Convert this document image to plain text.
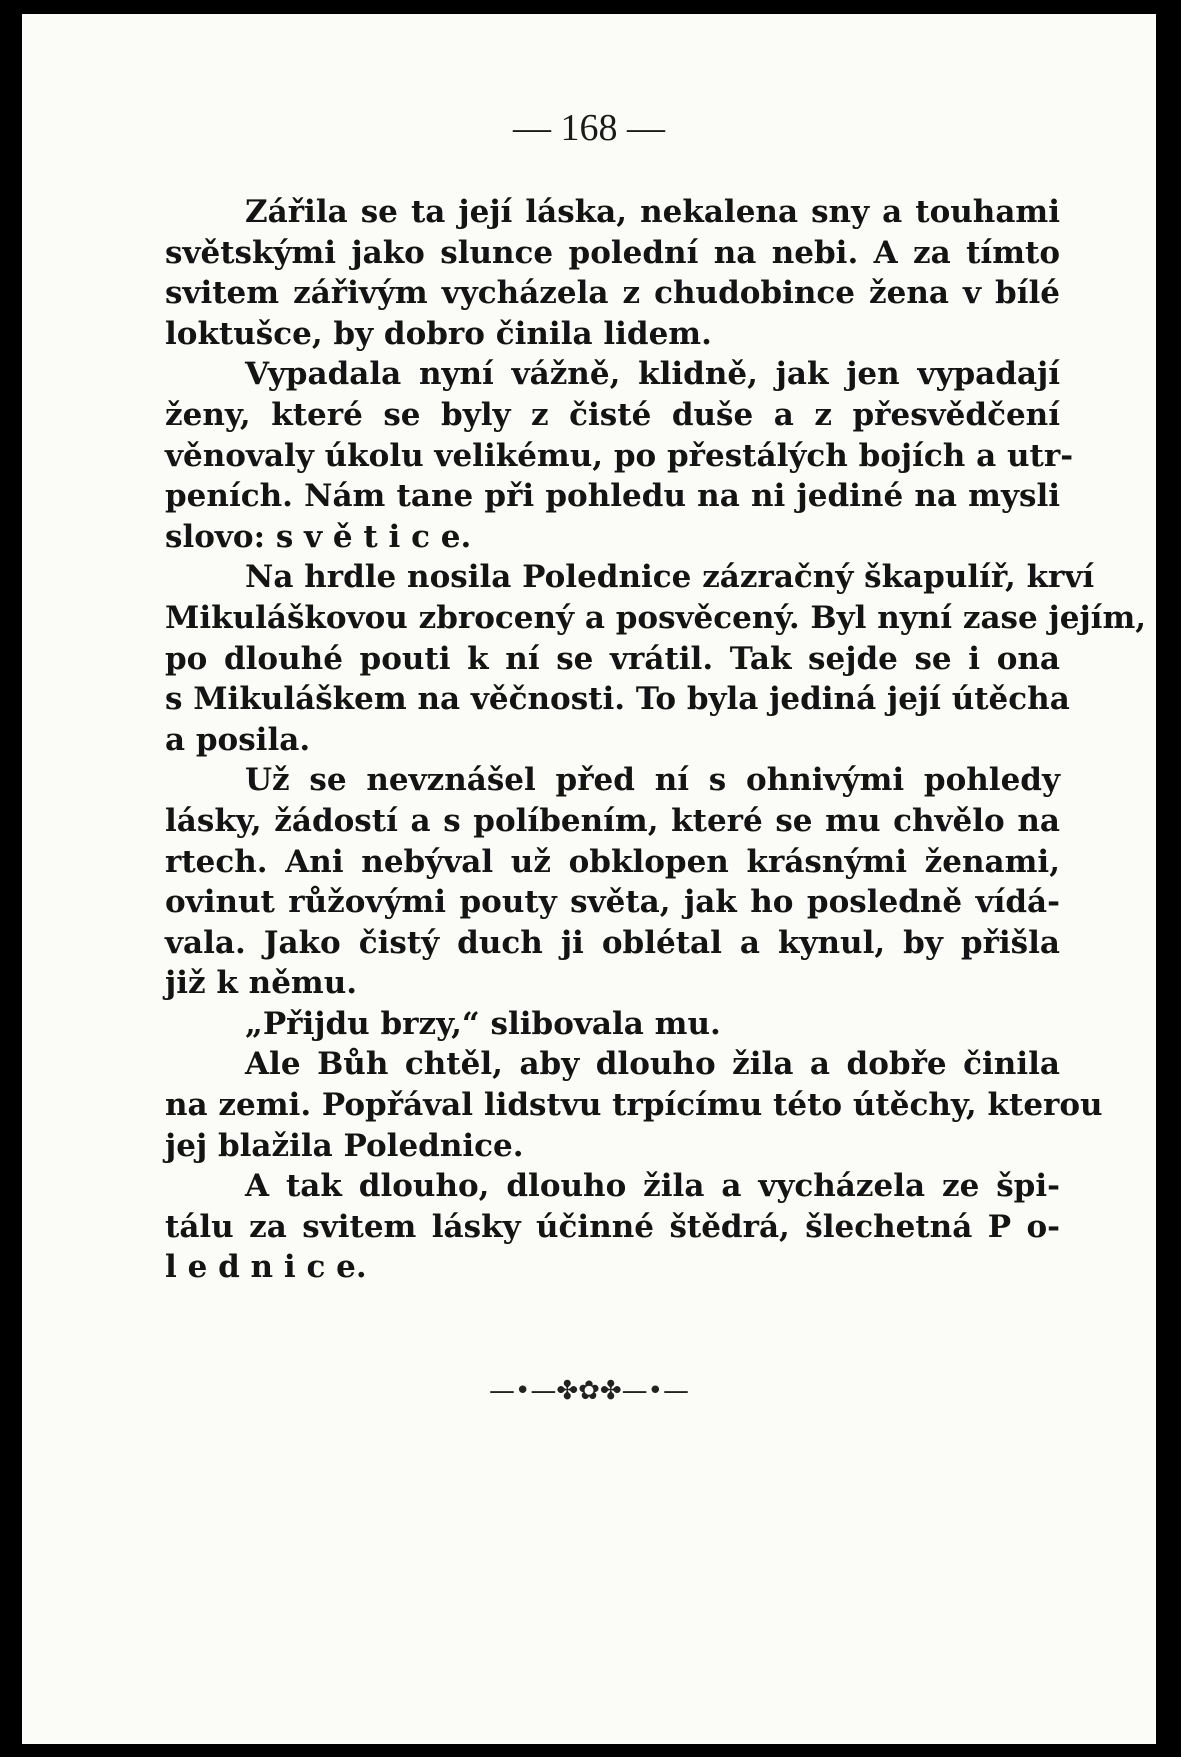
— 168 —
Zářila se ta její láska, nekalena sny a touhami
světskými jako slunce polední na nebi. A za tímto
svitem zářivým vycházela z chudobince žena v bílé
loktušce, by dobro činila lidem.
Vypadala nyní vážně, klidně, jak jen vypadají
ženy, které se byly z čisté duše a z přesvědčení
věnovaly úkolu velikému, po přestálých bojích a utr-
peních. Nám tane při pohledu na ni jediné na mysli
slovo: s v ě t i c e.
Na hrdle nosila Polednice zázračný škapulíř, krví
Mikuláškovou zbrocený a posvěcený. Byl nyní zase jejím,
po dlouhé pouti k ní se vrátil. Tak sejde se i ona
s Mikuláškem na věčnosti. To byla jediná její útěcha
a posila.
Už se nevznášel před ní s ohnivými pohledy
lásky, žádostí a s políbením, které se mu chvělo na
rtech. Ani nebýval už obklopen krásnými ženami,
ovinut růžovými pouty světa, jak ho posledně vídá-
vala. Jako čistý duch ji oblétal a kynul, by přišla
již k němu.
„Přijdu brzy,“ slibovala mu.
Ale Bůh chtěl, aby dlouho žila a dobře činila
na zemi. Popřával lidstvu trpícímu této útěchy, kterou
jej blažila Polednice.
A tak dlouho, dlouho žila a vycházela ze špi-
tálu za svitem lásky účinné štědrá, šlechetná P o-
l e d n i c e.
—•—✤✿✤—•—
